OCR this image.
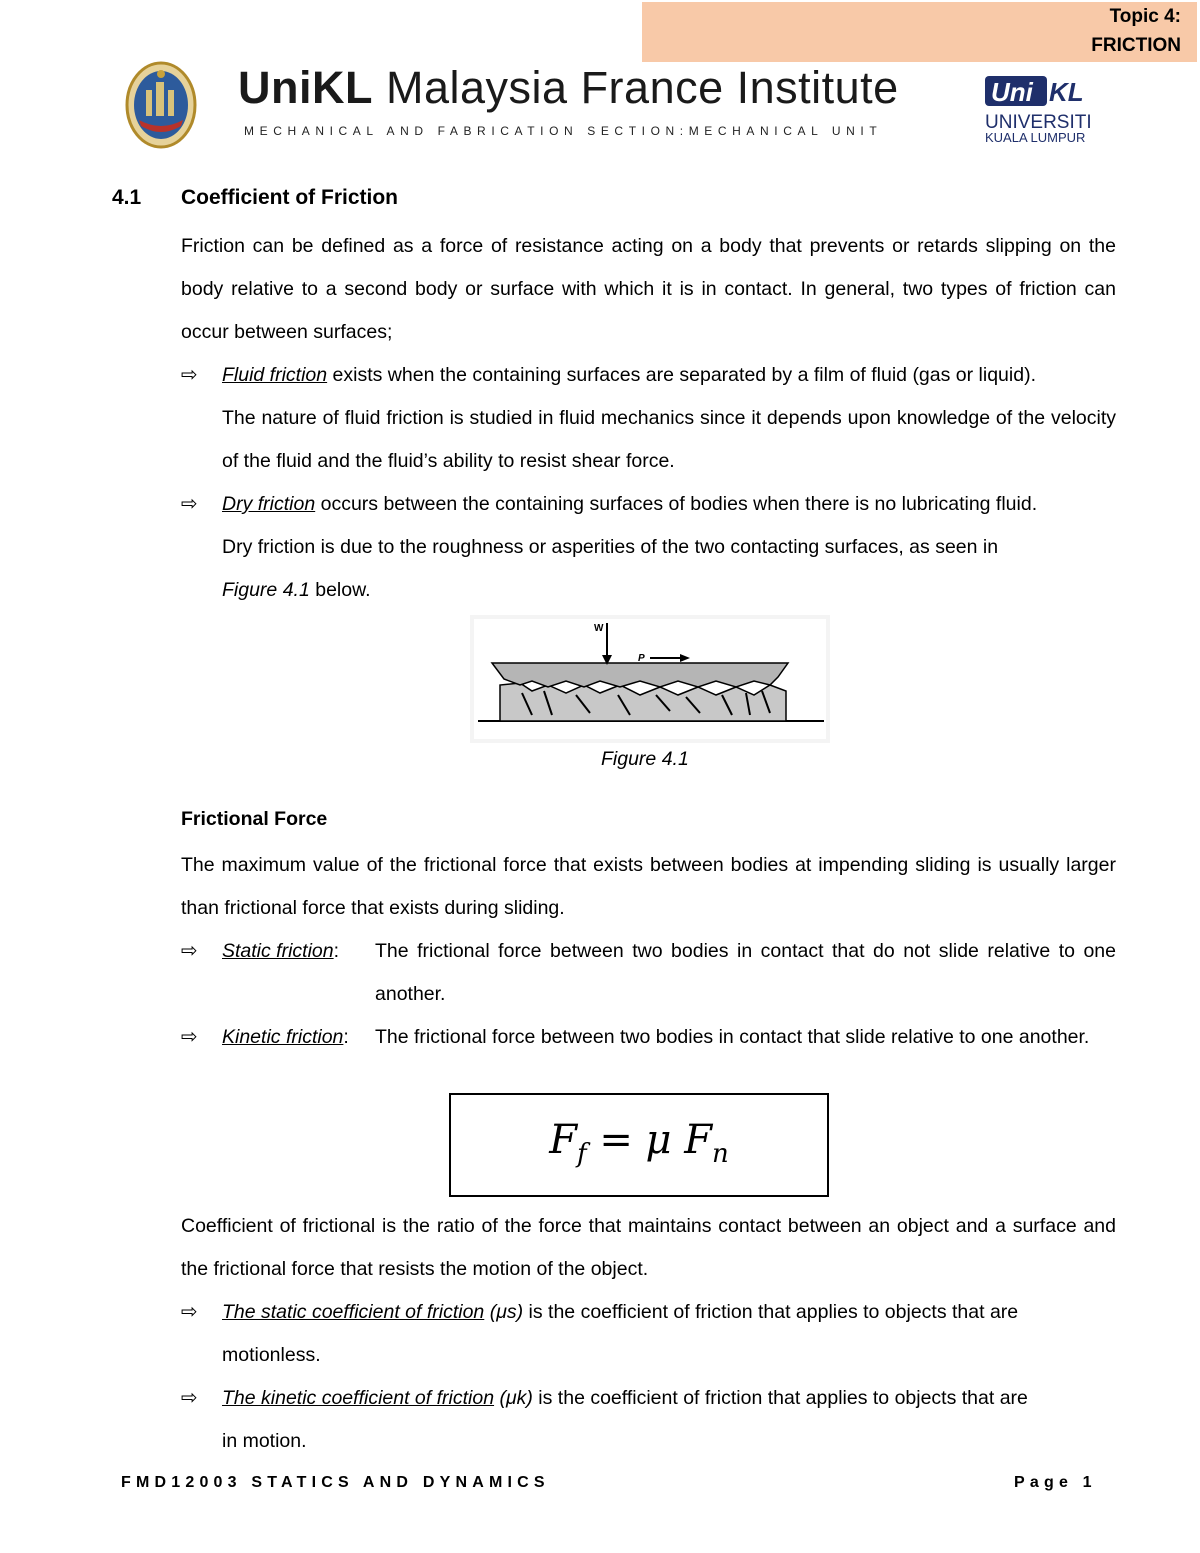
Topic 4:
FRICTION
UniKL Malaysia France Institute
MECHANICAL AND FABRICATION SECTION:MECHANICAL UNIT
Uni KL
UNIVERSITI
KUALA LUMPUR
4.1 Coefficient of Friction
Friction can be defined as a force of resistance acting on a body that prevents or retards slipping on the body relative to a second body or surface with which it is in contact. In general, two types of friction can occur between surfaces;
⇨ Fluid friction exists when the containing surfaces are separated by a film of fluid (gas or liquid).
The nature of fluid friction is studied in fluid mechanics since it depends upon knowledge of the velocity of the fluid and the fluid’s ability to resist shear force.
⇨ Dry friction occurs between the containing surfaces of bodies when there is no lubricating fluid.
Dry friction is due to the roughness or asperities of the two contacting surfaces, as seen in
Figure 4.1 below.
W
P
Figure 4.1
Frictional Force
The maximum value of the frictional force that exists between bodies at impending sliding is usually larger than frictional force that exists during sliding.
⇨ Static friction: The frictional force between two bodies in contact that do not slide relative to one another.
⇨ Kinetic friction: The frictional force between two bodies in contact that slide relative to one another.
$F_f = \mu$ $F_n$
Coefficient of frictional is the ratio of the force that maintains contact between an object and a surface and the frictional force that resists the motion of the object.
⇨ The static coefficient of friction (μs) is the coefficient of friction that applies to objects that are
motionless.
⇨ The kinetic coefficient of friction (μk) is the coefficient of friction that applies to objects that are
in motion.
FMD12003 STATICS AND DYNAMICS	Page 1
